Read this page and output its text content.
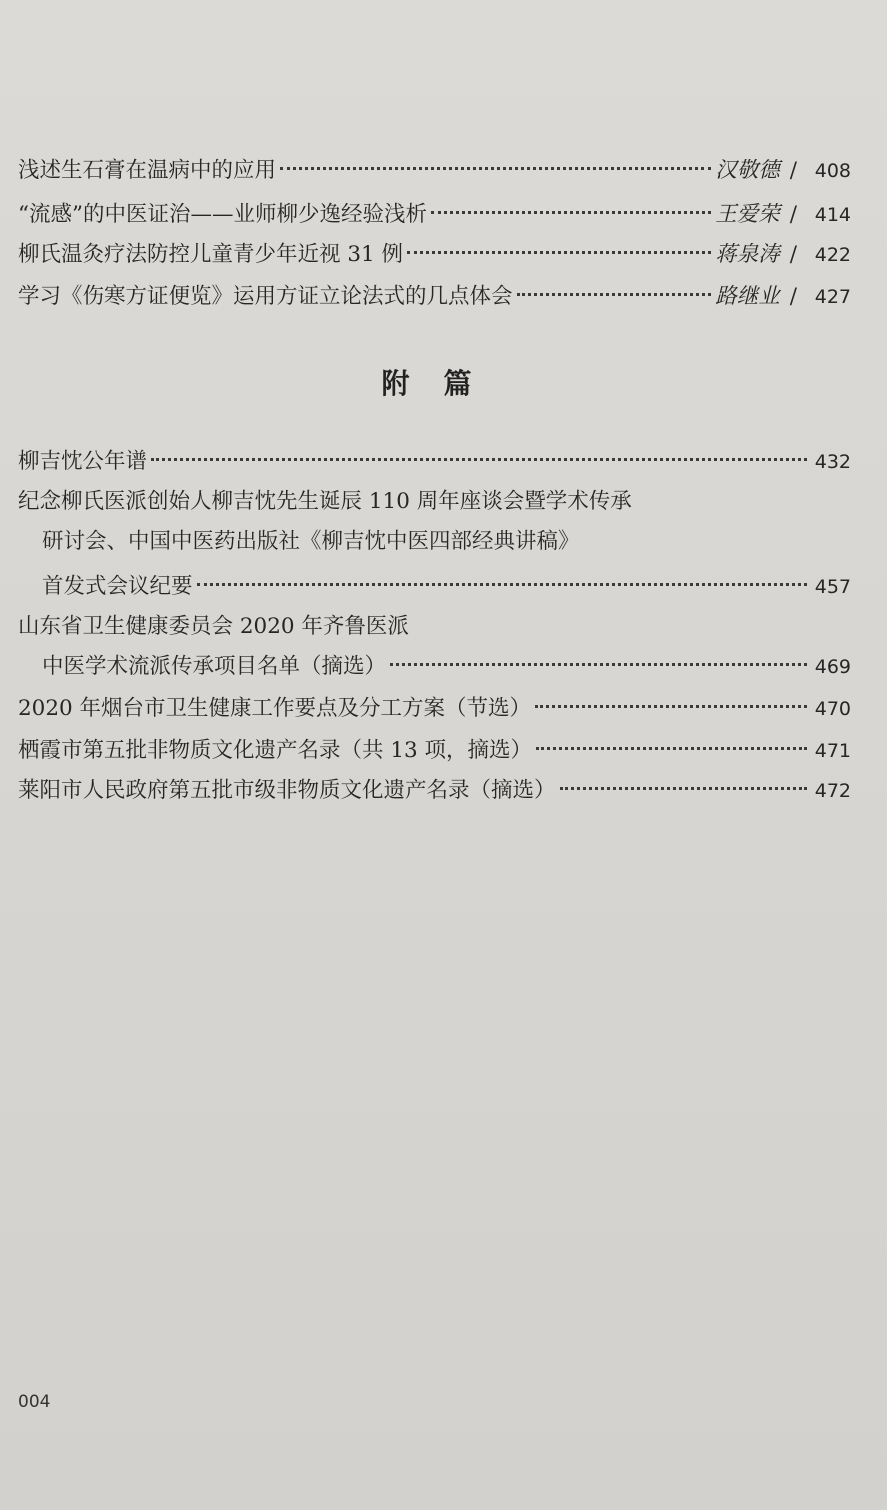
浅述生石膏在温病中的应用	汉敬德 / 408
“流感”的中医证治——业师柳少逸经验浅析	王爱荣 / 414
柳氏温灸疗法防控儿童青少年近视 31 例	蒋泉涛 / 422
学习《伤寒方证便览》运用方证立论法式的几点体会	路继业 / 427
附篇
柳吉忱公年谱	432
纪念柳氏医派创始人柳吉忱先生诞辰 110 周年座谈会暨学术传承
研讨会、中国中医药出版社《柳吉忱中医四部经典讲稿》
首发式会议纪要	457
山东省卫生健康委员会 2020 年齐鲁医派
中医学术流派传承项目名单（摘选）	469
2020 年烟台市卫生健康工作要点及分工方案（节选）	470
栖霞市第五批非物质文化遗产名录（共 13 项，摘选）	471
莱阳市人民政府第五批市级非物质文化遗产名录（摘选）	472
004
